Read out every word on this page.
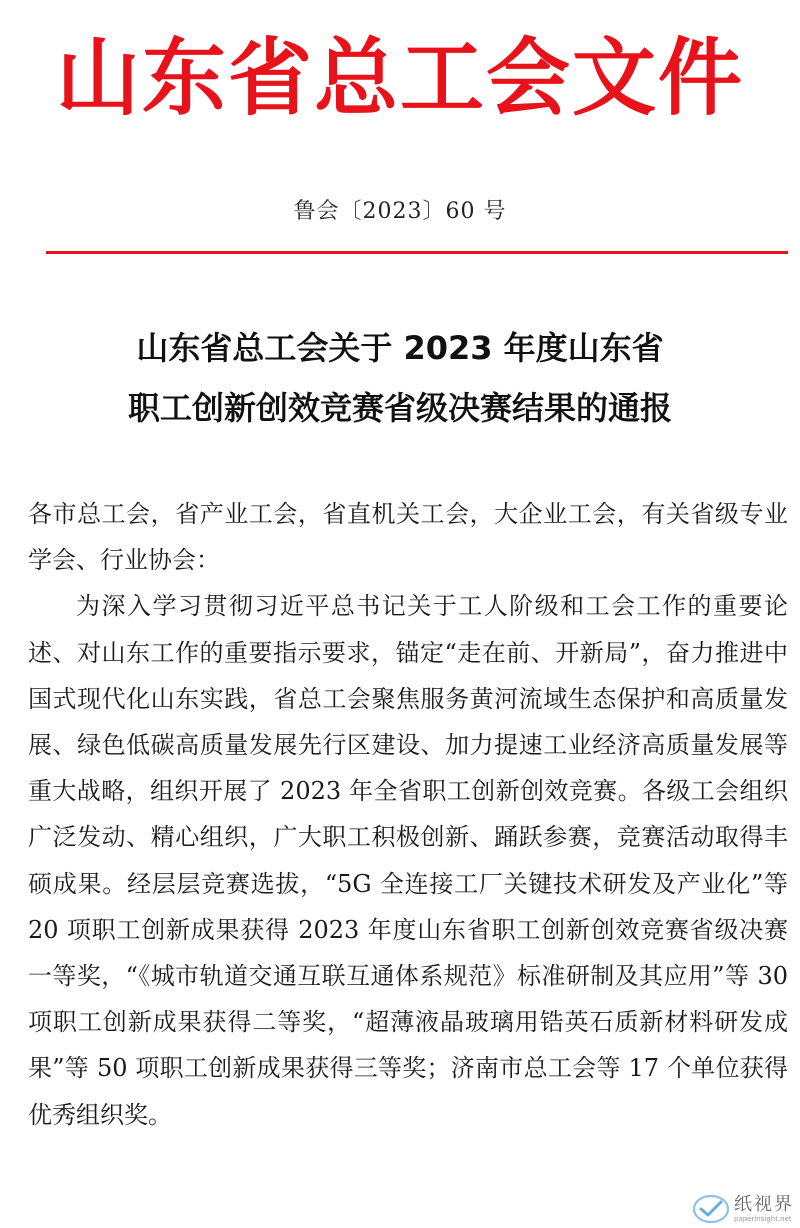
山东省总工会文件
鲁会〔2023〕60 号
山东省总工会关于 2023 年度山东省
职工创新创效竞赛省级决赛结果的通报

各市总工会，省产业工会，省直机关工会，大企业工会，有关省级专业学会、行业协会：

为深入学习贯彻习近平总书记关于工人阶级和工会工作的重要论述、对山东工作的重要指示要求，锚定“走在前、开新局”，奋力推进中国式现代化山东实践，省总工会聚焦服务黄河流域生态保护和高质量发展、绿色低碳高质量发展先行区建设、加力提速工业经济高质量发展等重大战略，组织开展了 2023 年全省职工创新创效竞赛。各级工会组织广泛发动、精心组织，广大职工积极创新、踊跃参赛，竞赛活动取得丰硕成果。经层层竞赛选拔，“5G 全连接工厂关键技术研发及产业化”等 20 项职工创新成果获得 2023 年度山东省职工创新创效竞赛省级决赛一等奖，“《城市轨道交通互联互通体系规范》标准研制及其应用”等 30 项职工创新成果获得二等奖，“超薄液晶玻璃用锆英石质新材料研发成果”等 50 项职工创新成果获得三等奖；济南市总工会等 17 个单位获得优秀组织奖。

纸视界
paperinsight.net
